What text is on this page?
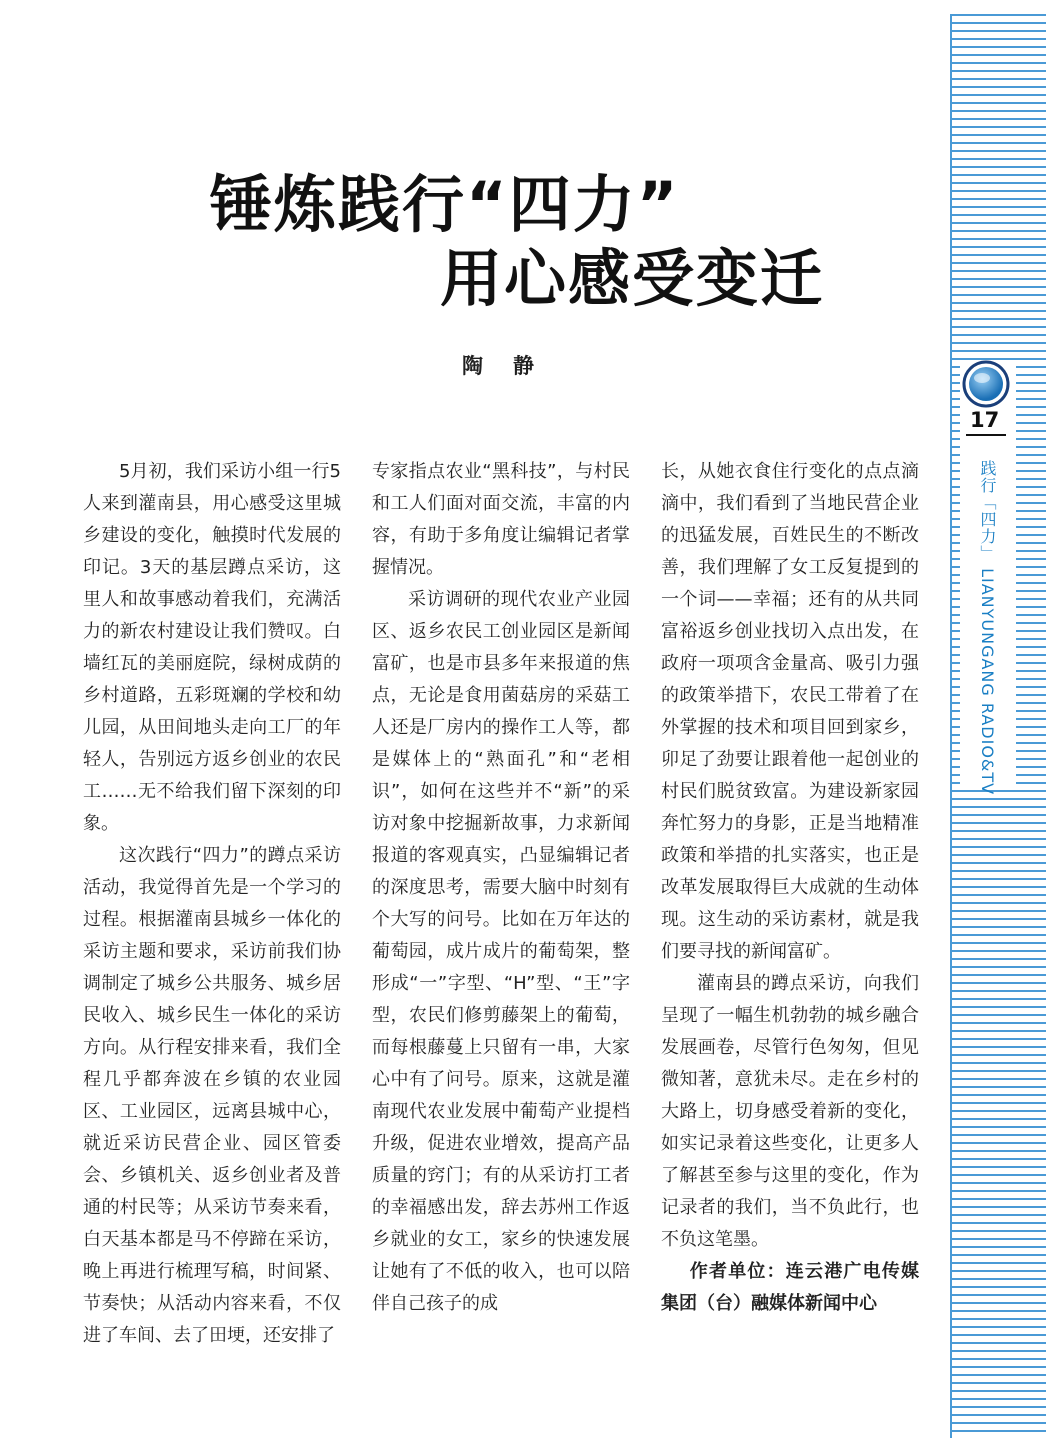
锤炼践行“四力”
用心感受变迁
陶静

5月初，我们采访小组一行5人来到灌南县，用心感受这里城乡建设的变化，触摸时代发展的印记。3天的基层蹲点采访，这里人和故事感动着我们，充满活力的新农村建设让我们赞叹。白墙红瓦的美丽庭院，绿树成荫的乡村道路，五彩斑斓的学校和幼儿园，从田间地头走向工厂的年轻人，告别远方返乡创业的农民工……无不给我们留下深刻的印象。

这次践行“四力”的蹲点采访活动，我觉得首先是一个学习的过程。根据灌南县城乡一体化的采访主题和要求，采访前我们协调制定了城乡公共服务、城乡居民收入、城乡民生一体化的采访方向。从行程安排来看，我们全程几乎都奔波在乡镇的农业园区、工业园区，远离县城中心，就近采访民营企业、园区管委会、乡镇机关、返乡创业者及普通的村民等；从采访节奏来看，白天基本都是马不停蹄在采访，晚上再进行梳理写稿，时间紧、节奏快；从活动内容来看，不仅进了车间、去了田埂，还安排了

专家指点农业“黑科技”，与村民和工人们面对面交流，丰富的内容，有助于多角度让编辑记者掌握情况。

采访调研的现代农业产业园区、返乡农民工创业园区是新闻富矿，也是市县多年来报道的焦点，无论是食用菌菇房的采菇工人还是厂房内的操作工人等，都是媒体上的“熟面孔”和“老相识”，如何在这些并不“新”的采访对象中挖掘新故事，力求新闻报道的客观真实，凸显编辑记者的深度思考，需要大脑中时刻有个大写的问号。比如在万年达的葡萄园，成片成片的葡萄架，整形成“一”字型、“H”型、“王”字型，农民们修剪藤架上的葡萄，而每根藤蔓上只留有一串，大家心中有了问号。原来，这就是灌南现代农业发展中葡萄产业提档升级，促进农业增效，提高产品质量的窍门；有的从采访打工者的幸福感出发，辞去苏州工作返乡就业的女工，家乡的快速发展让她有了不低的收入，也可以陪伴自己孩子的成

长，从她衣食住行变化的点点滴滴中，我们看到了当地民营企业的迅猛发展，百姓民生的不断改善，我们理解了女工反复提到的一个词——幸福；还有的从共同富裕返乡创业找切入点出发，在政府一项项含金量高、吸引力强的政策举措下，农民工带着了在外掌握的技术和项目回到家乡，卯足了劲要让跟着他一起创业的村民们脱贫致富。为建设新家园奔忙努力的身影，正是当地精准政策和举措的扎实落实，也正是改革发展取得巨大成就的生动体现。这生动的采访素材，就是我们要寻找的新闻富矿。

灌南县的蹲点采访，向我们呈现了一幅生机勃勃的城乡融合发展画卷，尽管行色匆匆，但见微知著，意犹未尽。走在乡村的大路上，切身感受着新的变化，如实记录着这些变化，让更多人了解甚至参与这里的变化，作为记录者的我们，当不负此行，也不负这笔墨。

作者单位：连云港广电传媒集团（台）融媒体新闻中心

17
践行「四力」 LIANYUNGANG RADIO&TV
